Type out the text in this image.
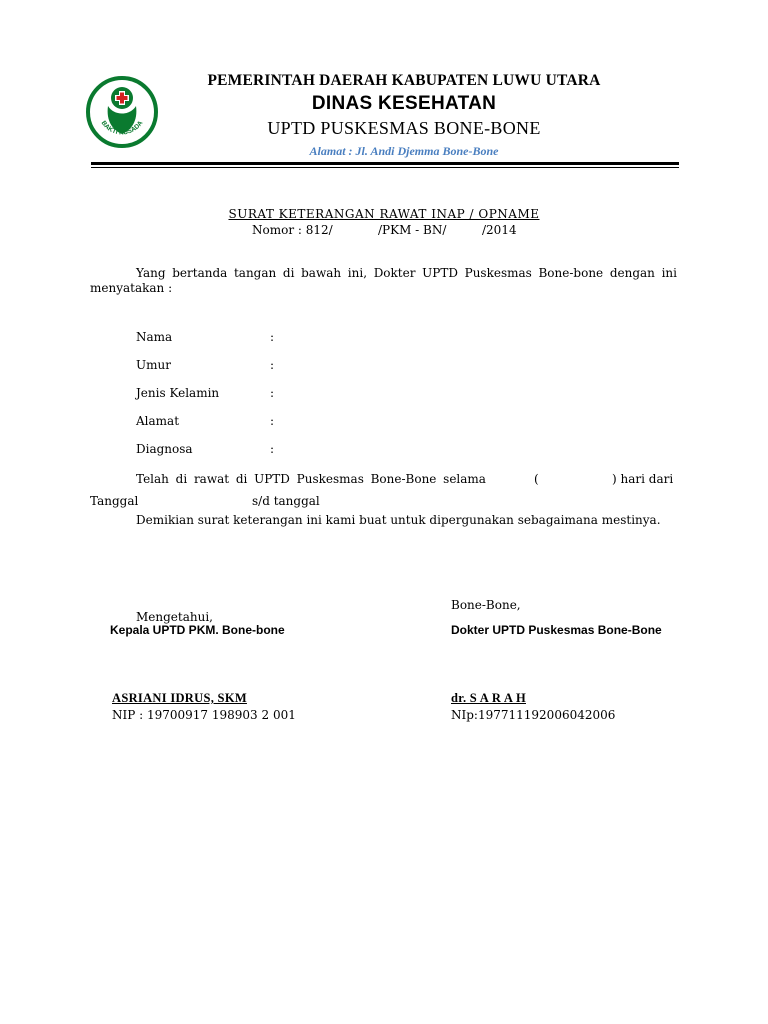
BAKTI HUSADA
PEMERINTAH DAERAH KABUPATEN LUWU UTARA
DINAS KESEHATAN
UPTD PUSKESMAS BONE-BONE
Alamat : Jl. Andi Djemma Bone-Bone
SURAT KETERANGAN RAWAT INAP / OPNAME
Nomor : 812/	/PKM - BN/	/2014
Yang bertanda tangan di bawah ini, Dokter UPTD Puskesmas Bone-bone dengan ini
menyatakan :
Nama	:
Umur	:
Jenis Kelamin	:
Alamat	:
Diagnosa	:
Telah di rawat di UPTD Puskesmas Bone-Bone selama	(	) hari dari
Tanggal	s/d tanggal
Demikian surat keterangan ini kami buat untuk dipergunakan sebagaimana mestinya.
Bone-Bone,
Mengetahui,
Kepala UPTD PKM. Bone-bone	Dokter UPTD Puskesmas Bone-Bone
ASRIANI IDRUS, SKM	dr. S A R A H
NIP : 19700917 198903 2 001	NIp:197711192006042006
